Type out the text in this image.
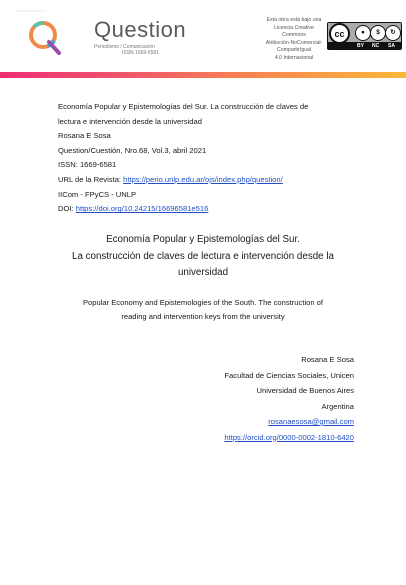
Question
Periodismo / Comunicación
ISSN 1669-6581
Esta obra está bajo una
Licencia Creative Commons
Atribución-NoComercial-CompartirIgual
4.0 Internacional
cc	●	$	↻
BY NC SA
Economía Popular y Epistemologías del Sur. La construcción de claves de
lectura e intervención desde la universidad
Rosana E Sosa
Question/Cuestión, Nro.68, Vol.3, abril 2021
ISSN: 1669-6581
URL de la Revista: https://perio.unlp.edu.ar/ojs/index.php/question/
IICom - FPyCS - UNLP
DOI: https://doi.org/10.24215/16696581e516
Economía Popular y Epistemologías del Sur.
La construcción de claves de lectura e intervención desde la
universidad
Popular Economy and Epistemologies of the South. The construction of
reading and intervention keys from the university
Rosana E Sosa
Facultad de Ciencias Sociales, Unicen
Universidad de Buenos Aires
Argentina
rosanaesosa@gmail.com
https://orcid.org/0000-0002-1810-6420
